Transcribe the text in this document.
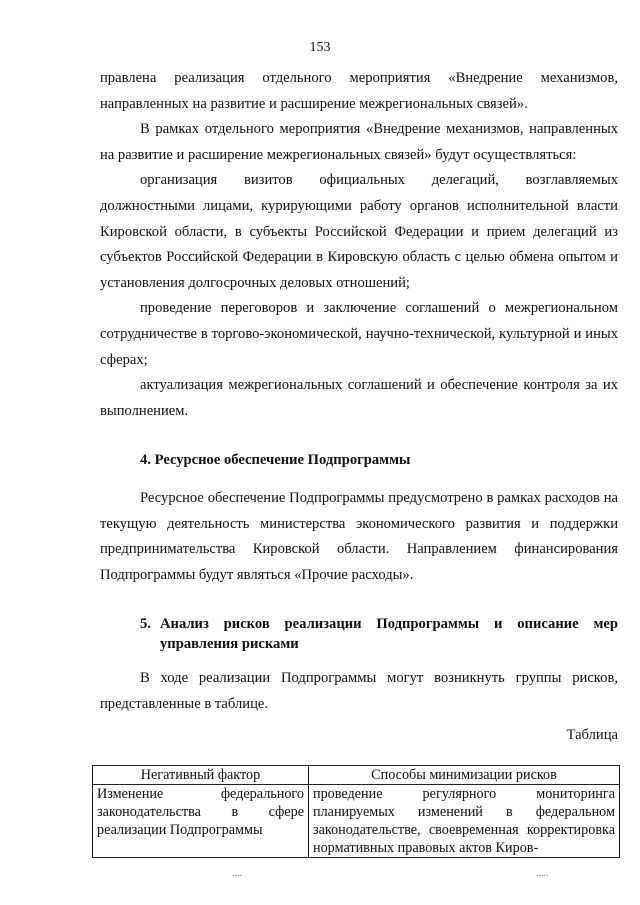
153

правлена реализация отдельного мероприятия «Внедрение механизмов, направленных на развитие и расширение межрегиональных связей».

В рамках отдельного мероприятия «Внедрение механизмов, направленных на развитие и расширение межрегиональных связей» будут осуществляться:

организация визитов официальных делегаций, возглавляемых должностными лицами, курирующими работу органов исполнительной власти Кировской области, в субъекты Российской Федерации и прием делегаций из субъектов Российской Федерации в Кировскую область с целью обмена опытом и установления долгосрочных деловых отношений;

проведение переговоров и заключение соглашений о межрегиональном сотрудничестве в торгово-экономической, научно-технической, культурной и иных сферах;

актуализация межрегиональных соглашений и обеспечение контроля за их выполнением.

4. Ресурсное обеспечение Подпрограммы

Ресурсное обеспечение Подпрограммы предусмотрено в рамках расходов на текущую деятельность министерства экономического развития и поддержки предпринимательства Кировской области. Направлением финансирования Подпрограммы будут являться «Прочие расходы».

5. Анализ рисков реализации Подпрограммы и описание мер управления рисками

В ходе реализации Подпрограммы могут возникнуть группы рисков, представленные в таблице.

Таблица

Негативный фактор	Способы минимизации рисков
Изменение федерального законодательства в сфере реализации Подпрограммы	проведение регулярного мониторинга планируемых изменений в федеральном законодательстве, своевременная корректировка нормативных правовых актов Киров-
....	.....
